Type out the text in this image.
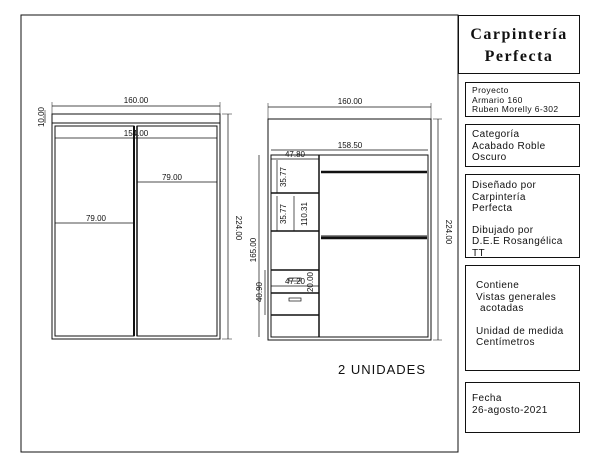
160.00
10.00
154.00
79.00
79.00	224.00
160.00
158.50
47.80
35.77
35.77 110.31
165.00
47.20 20.00
40.90
224.00
2 UNIDADES
Carpintería
Perfecta
Proyecto
Armario 160
Ruben Morelly 6-302
Categoría
Acabado Roble
Oscuro
Diseñado por
Carpintería
Perfecta
Dibujado por
D.E.E Rosangélica TT
Contiene
Vistas generales
acotadas
Unidad de medida
Centímetros
Fecha
26-agosto-2021
